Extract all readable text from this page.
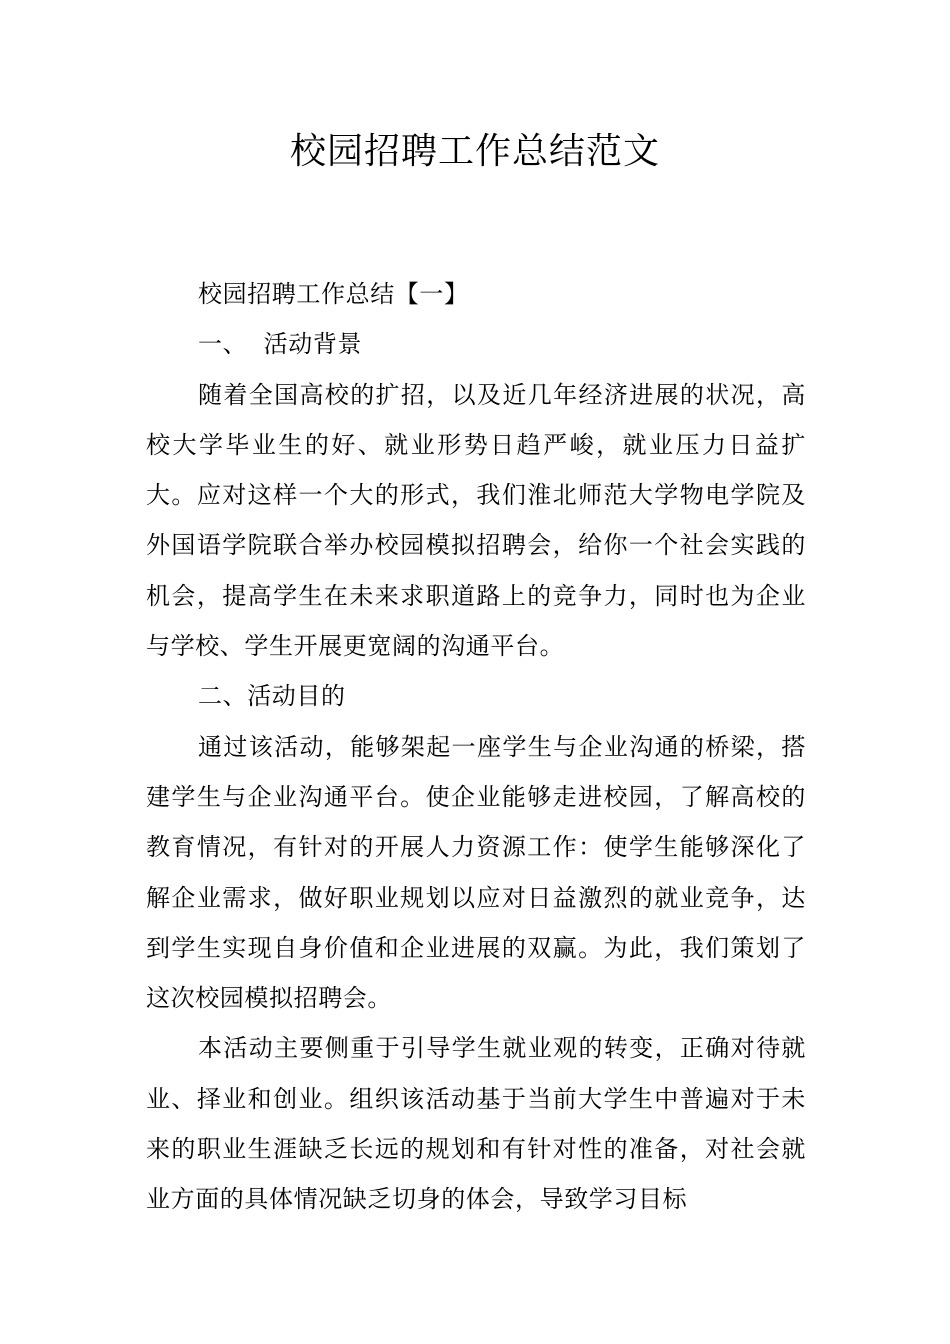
校园招聘工作总结范文

校园招聘工作总结【一】

一、  活动背景

随着全国高校的扩招，以及近几年经济进展的状况，高校大学毕业生的好、就业形势日趋严峻，就业压力日益扩大。应对这样一个大的形式，我们淮北师范大学物电学院及外国语学院联合举办校园模拟招聘会，给你一个社会实践的机会，提高学生在未来求职道路上的竞争力，同时也为企业与学校、学生开展更宽阔的沟通平台。

二、活动目的

通过该活动，能够架起一座学生与企业沟通的桥梁，搭建学生与企业沟通平台。使企业能够走进校园，了解高校的教育情况，有针对的开展人力资源工作：使学生能够深化了解企业需求，做好职业规划以应对日益激烈的就业竞争，达到学生实现自身价值和企业进展的双赢。为此，我们策划了这次校园模拟招聘会。

本活动主要侧重于引导学生就业观的转变，正确对待就业、择业和创业。组织该活动基于当前大学生中普遍对于未来的职业生涯缺乏长远的规划和有针对性的准备，对社会就业方面的具体情况缺乏切身的体会，导致学习目标
